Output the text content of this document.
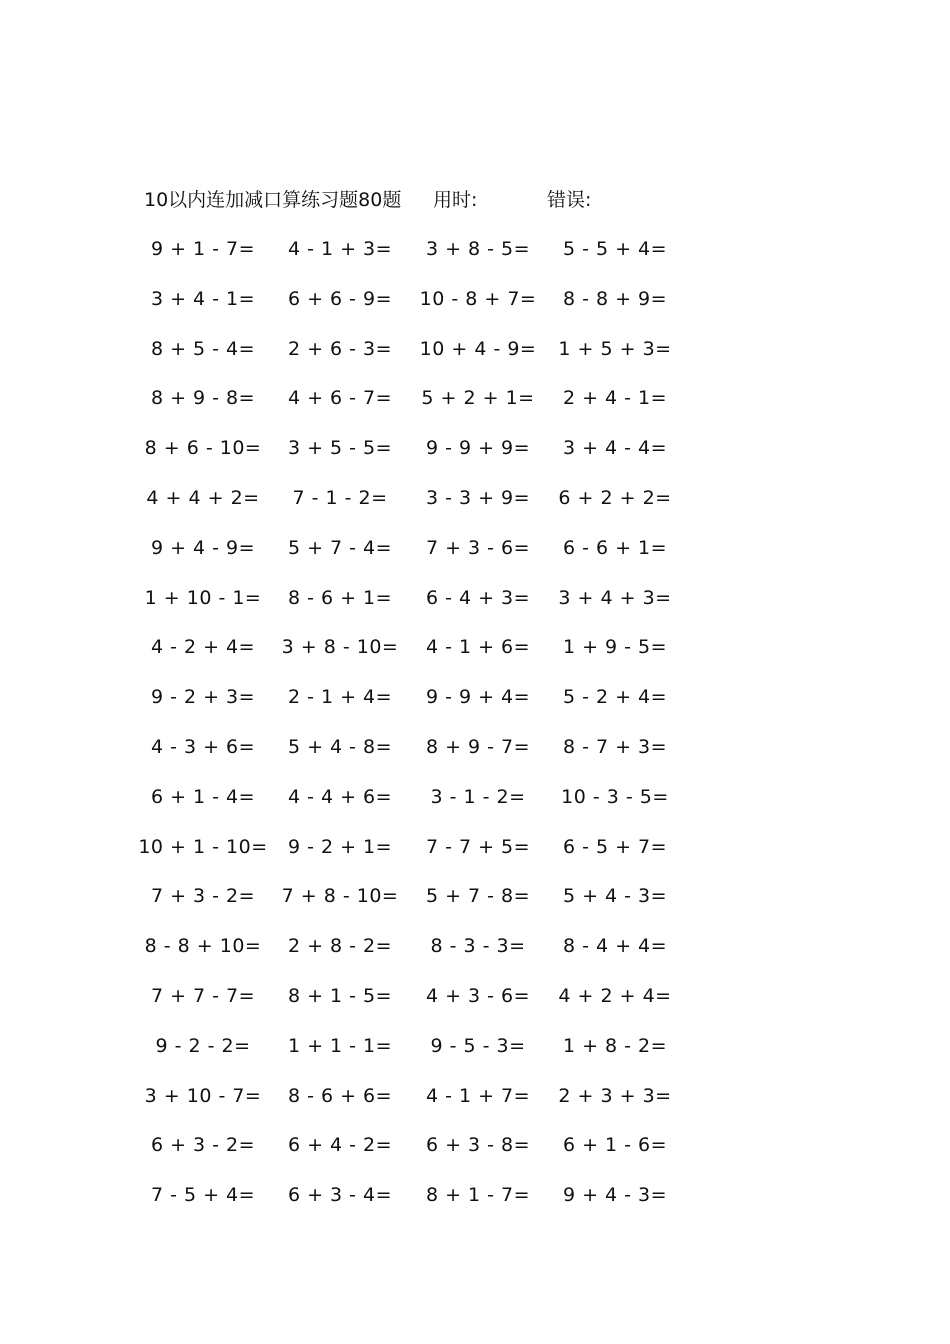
10以内连加减口算练习题80题 用时:	错误:
9 + 1 - 7= 4 - 1 + 3= 3 + 8 - 5= 5 - 5 + 4=
3 + 4 - 1= 6 + 6 - 9= 10 - 8 + 7= 8 - 8 + 9=
8 + 5 - 4= 2 + 6 - 3= 10 + 4 - 9= 1 + 5 + 3=
8 + 9 - 8= 4 + 6 - 7= 5 + 2 + 1= 2 + 4 - 1=
8 + 6 - 10= 3 + 5 - 5= 9 - 9 + 9= 3 + 4 - 4=
4 + 4 + 2= 7 - 1 - 2= 3 - 3 + 9= 6 + 2 + 2=
9 + 4 - 9= 5 + 7 - 4= 7 + 3 - 6= 6 - 6 + 1=
1 + 10 - 1= 8 - 6 + 1= 6 - 4 + 3= 3 + 4 + 3=
4 - 2 + 4= 3 + 8 - 10= 4 - 1 + 6= 1 + 9 - 5=
9 - 2 + 3= 2 - 1 + 4= 9 - 9 + 4= 5 - 2 + 4=
4 - 3 + 6= 5 + 4 - 8= 8 + 9 - 7= 8 - 7 + 3=
6 + 1 - 4= 4 - 4 + 6= 3 - 1 - 2= 10 - 3 - 5=
10 + 1 - 10= 9 - 2 + 1= 7 - 7 + 5= 6 - 5 + 7=
7 + 3 - 2= 7 + 8 - 10= 5 + 7 - 8= 5 + 4 - 3=
8 - 8 + 10= 2 + 8 - 2= 8 - 3 - 3= 8 - 4 + 4=
7 + 7 - 7= 8 + 1 - 5= 4 + 3 - 6= 4 + 2 + 4=
9 - 2 - 2= 1 + 1 - 1= 9 - 5 - 3= 1 + 8 - 2=
3 + 10 - 7= 8 - 6 + 6= 4 - 1 + 7= 2 + 3 + 3=
6 + 3 - 2= 6 + 4 - 2= 6 + 3 - 8= 6 + 1 - 6=
7 - 5 + 4= 6 + 3 - 4= 8 + 1 - 7= 9 + 4 - 3=
